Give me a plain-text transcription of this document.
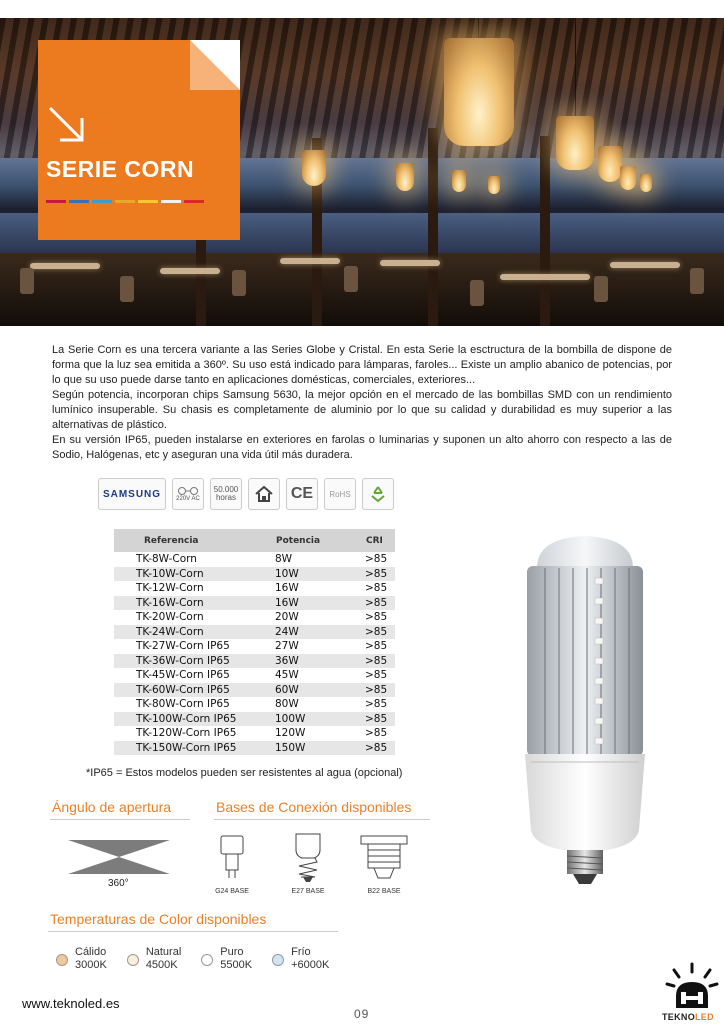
SERIE CORN

La Serie Corn es una tercera variante a las Series Globe y Cristal. En esta Serie la esctructura de la bombilla de dispone de forma que la luz sea emitida a 360º. Su uso está indicado para lámparas, faroles... Existe un amplio abanico de potencias, por lo que su uso puede darse tanto en aplicaciones domésticas, comerciales, exteriores...

Según potencia, incorporan chips Samsung 5630, la mejor opción en el mercado de las bombillas SMD con un rendimiento lumínico insuperable. Su chasis es completamente de aluminio por lo que su calidad y durabilidad es muy superior a las alternativas de plástico.

En su versión IP65, pueden instalarse en exteriores en farolas o luminarias y suponen un alto ahorro con respecto a las de Sodio, Halógenas, etc y aseguran una vida útil más duradera.

SAMSUNG	220V AC
50.000
horas	CE	RoHS
Referencia	Potencia	CRI
TK-8W-Corn	8W	>85
TK-10W-Corn	10W	>85
TK-12W-Corn	16W	>85
TK-16W-Corn	16W	>85
TK-20W-Corn	20W	>85
TK-24W-Corn	24W	>85
TK-27W-Corn IP65	27W	>85
TK-36W-Corn IP65	36W	>85
TK-45W-Corn IP65	45W	>85
TK-60W-Corn IP65	60W	>85
TK-80W-Corn IP65	80W	>85
TK-100W-Corn IP65	100W	>85
TK-120W-Corn IP65	120W	>85
TK-150W-Corn IP65	150W	>85
*IP65 = Estos modelos pueden ser resistentes al agua (opcional)
Ángulo de apertura
360°
Bases de Conexión disponibles
G24 BASE	E27 BASE	B22 BASE
Temperaturas de Color disponibles
Cálido
3000K
Natural
4500K
Puro
5500K
Frío
+6000K
www.teknoled.es
09	TEKNOLED
